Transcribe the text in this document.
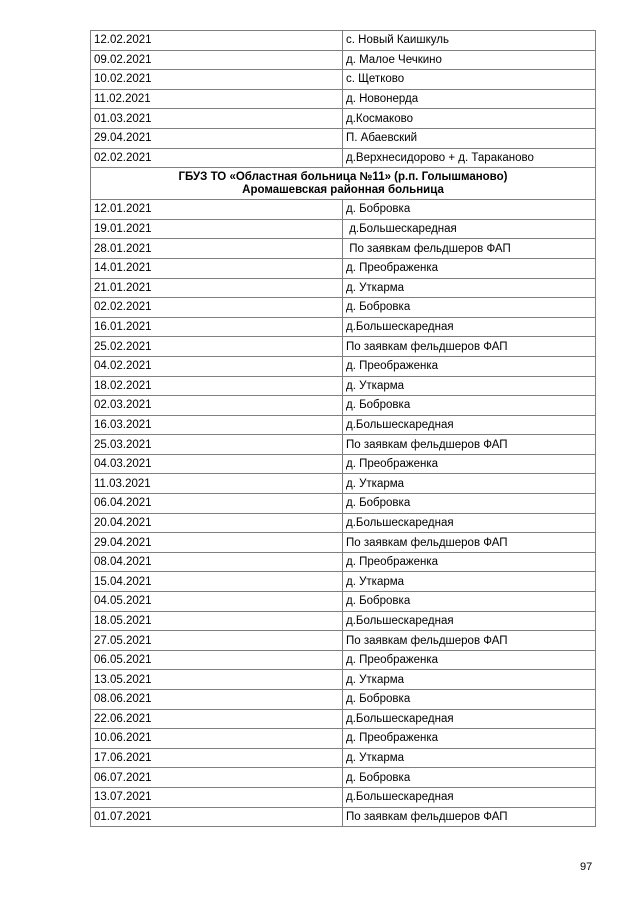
12.02.2021	с. Новый Каишкуль
09.02.2021	д. Малое Чечкино
10.02.2021	с. Щетково
11.02.2021	д. Новонерда
01.03.2021	д.Космаково
29.04.2021	П. Абаевский
02.02.2021	д.Верхнесидорово + д. Тараканово

ГБУЗ ТО «Областная больница №11» (р.п. Голышманово)
Аромашевская районная больница	

12.01.2021	д. Бобровка
19.01.2021	д.Большескаредная
28.01.2021	По заявкам фельдшеров ФАП
14.01.2021	д. Преображенка
21.01.2021	д. Уткарма
02.02.2021	д. Бобровка
16.01.2021	д.Большескаредная
25.02.2021	По заявкам фельдшеров ФАП
04.02.2021	д. Преображенка
18.02.2021	д. Уткарма
02.03.2021	д. Бобровка
16.03.2021	д.Большескаредная
25.03.2021	По заявкам фельдшеров ФАП
04.03.2021	д. Преображенка
11.03.2021	д. Уткарма
06.04.2021	д. Бобровка
20.04.2021	д.Большескаредная
29.04.2021	По заявкам фельдшеров ФАП
08.04.2021	д. Преображенка
15.04.2021	д. Уткарма
04.05.2021	д. Бобровка
18.05.2021	д.Большескаредная
27.05.2021	По заявкам фельдшеров ФАП
06.05.2021	д. Преображенка
13.05.2021	д. Уткарма
08.06.2021	д. Бобровка
22.06.2021	д.Большескаредная
10.06.2021	д. Преображенка
17.06.2021	д. Уткарма
06.07.2021	д. Бобровка
13.07.2021	д.Большескаредная
01.07.2021	По заявкам фельдшеров ФАП
97
